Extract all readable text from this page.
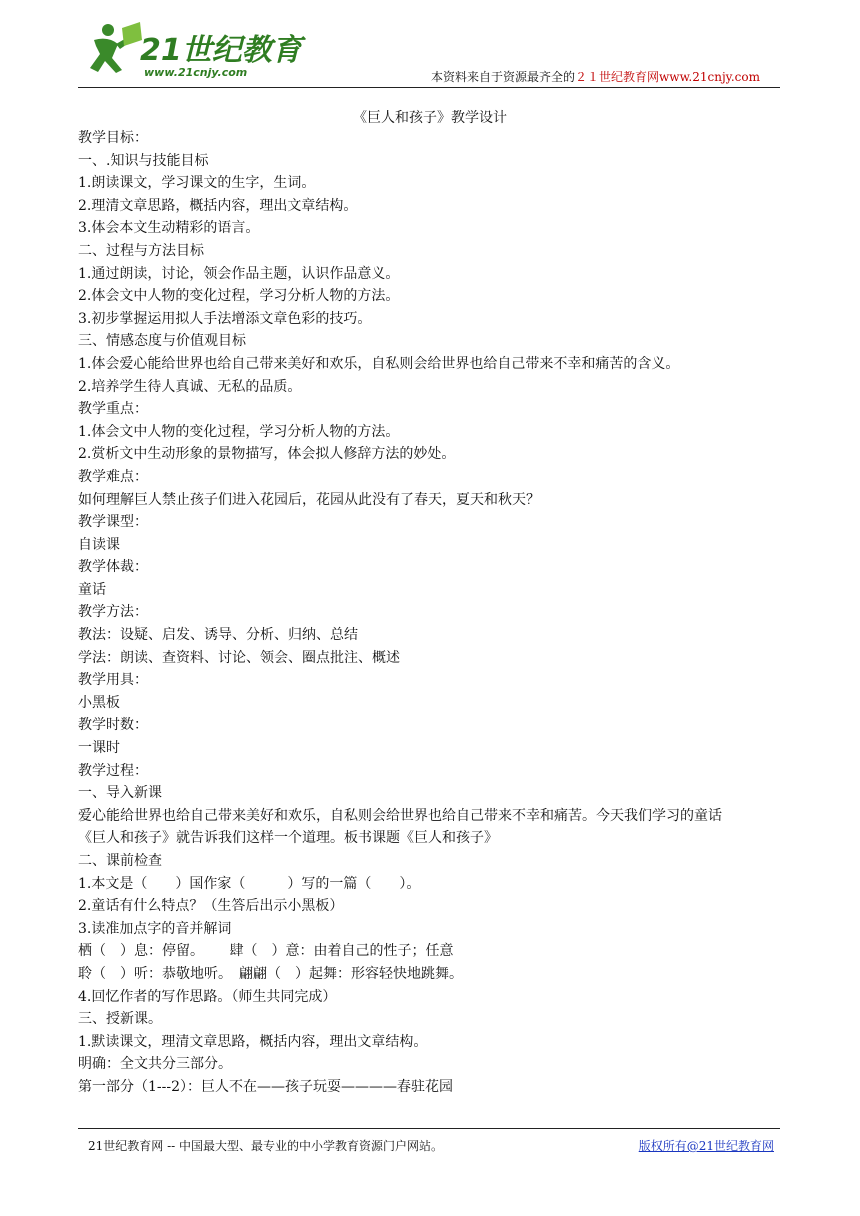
21世纪教育
www.21cnjy.com	本资料来自于资源最齐全的２１世纪教育网www.21cnjy.com
《巨人和孩子》教学设计
教学目标：
一、.知识与技能目标
1.朗读课文，学习课文的生字，生词。
2.理清文章思路，概括内容，理出文章结构。
3.体会本文生动精彩的语言。
二、过程与方法目标
1.通过朗读，讨论，领会作品主题，认识作品意义。
2.体会文中人物的变化过程，学习分析人物的方法。
3.初步掌握运用拟人手法增添文章色彩的技巧。
三、情感态度与价值观目标
1.体会爱心能给世界也给自己带来美好和欢乐，自私则会给世界也给自己带来不幸和痛苦的含义。
2.培养学生待人真诚、无私的品质。
教学重点：
1.体会文中人物的变化过程，学习分析人物的方法。
2.赏析文中生动形象的景物描写，体会拟人修辞方法的妙处。
教学难点：
如何理解巨人禁止孩子们进入花园后，花园从此没有了春天，夏天和秋天？
教学课型：
自读课
教学体裁：
童话
教学方法：
教法：设疑、启发、诱导、分析、归纳、总结
学法：朗读、查资料、讨论、领会、圈点批注、概述
教学用具：
小黑板
教学时数：
一课时
教学过程：
一、导入新课
爱心能给世界也给自己带来美好和欢乐，自私则会给世界也给自己带来不幸和痛苦。今天我们学习的童话
《巨人和孩子》就告诉我们这样一个道理。板书课题《巨人和孩子》
二、课前检查
1.本文是（　　）国作家（　　　）写的一篇（　　）。
2.童话有什么特点？（生答后出示小黑板）
3.读准加点字的音并解词
栖（　）息：停留。　　 肆（　）意：由着自己的性子；任意
聆（　）听：恭敬地听。　翩翩（　）起舞：形容轻快地跳舞。
4.回忆作者的写作思路。（师生共同完成）
三、授新课。
1.默读课文，理清文章思路，概括内容，理出文章结构。
明确：全文共分三部分。
第一部分（1---2）：巨人不在——孩子玩耍————春驻花园
21世纪教育网 -- 中国最大型、最专业的中小学教育资源门户网站。	版权所有@21世纪教育网
